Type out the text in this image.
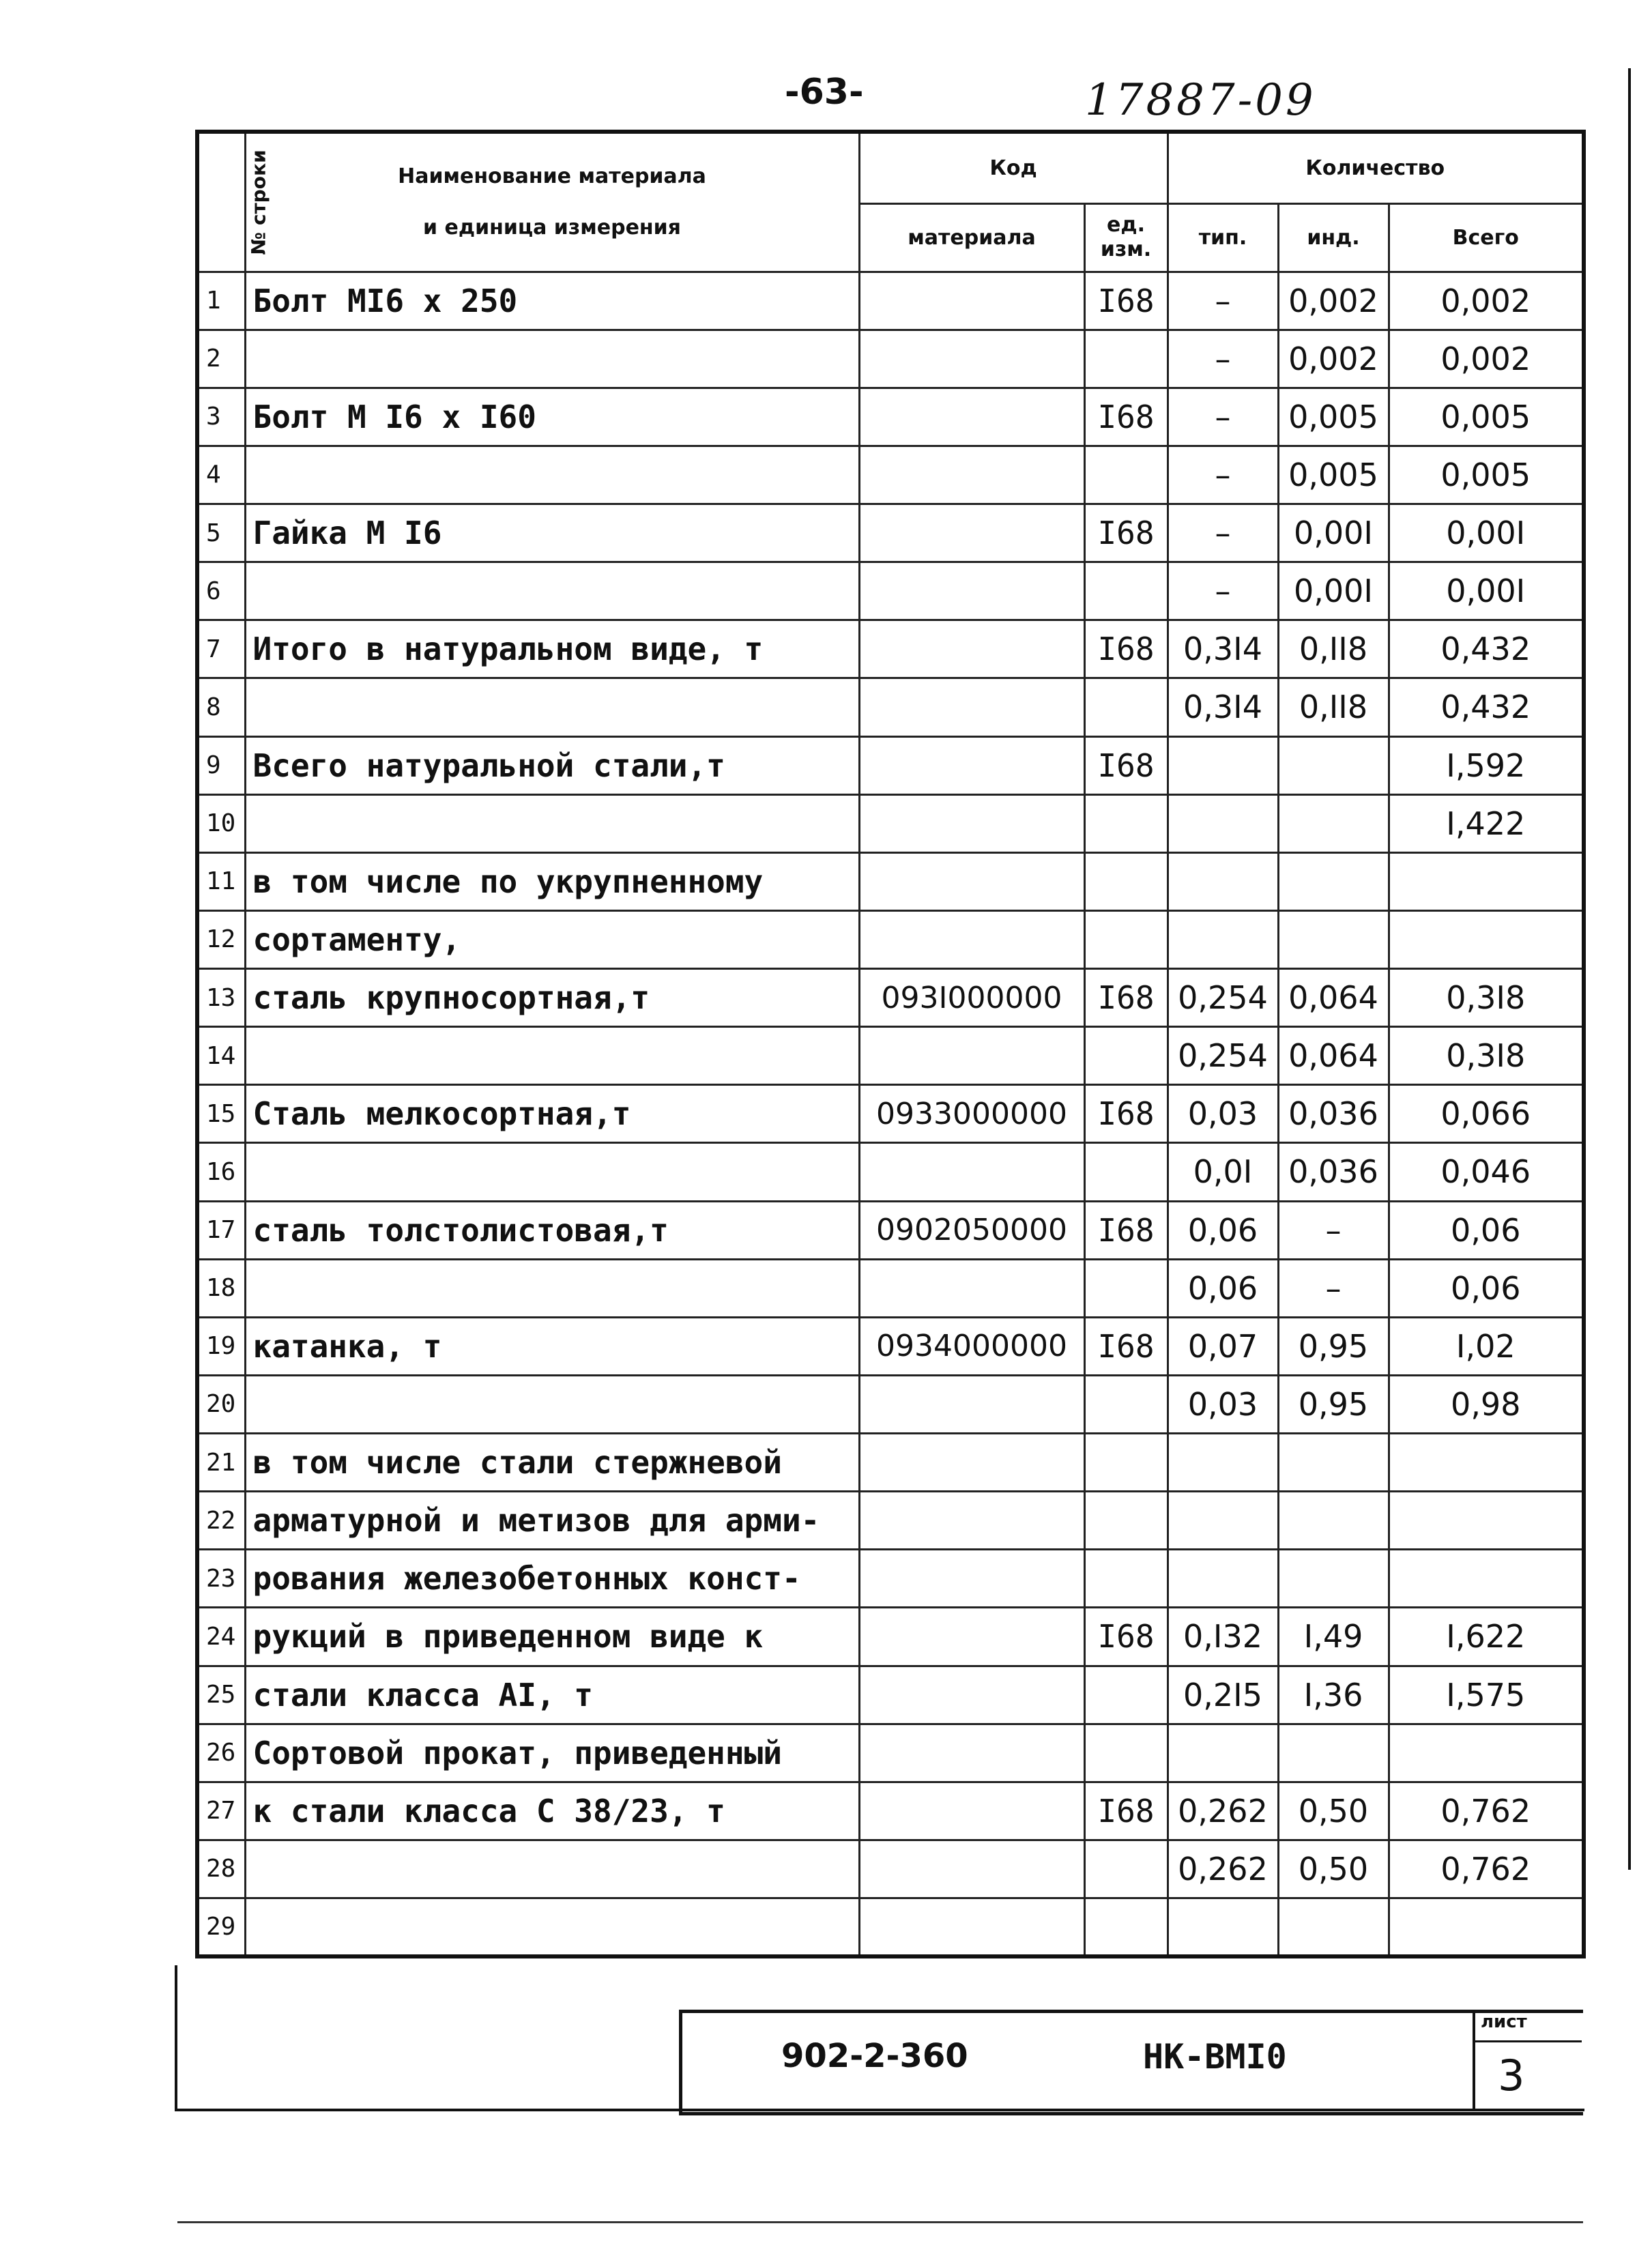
-63-	17887-09
№ строки	Наименование материала
и единица измерения	Код		Количество		
		материала	ед. изм.	тип.	инд.	Всего
1	Болт МI6 х 250		I68	–	0,002	0,002
2				–	0,002	0,002
3	Болт М I6 х I60		I68	–	0,005	0,005
4				–	0,005	0,005
5	Гайка М I6		I68	–	0,00I	0,00I
6				–	0,00I	0,00I
7	Итого в натуральном виде, т		I68	0,3I4	0,II8	0,432
8				0,3I4	0,II8	0,432
9	Всего натуральной стали,т		I68			I,592
10						I,422
11	в том числе по укрупненному					
12	сортаменту,					
13	сталь крупносортная,т	093I000000	I68	0,254	0,064	0,3I8
14				0,254	0,064	0,3I8
15	Сталь мелкосортная,т	0933000000	I68	0,03	0,036	0,066
16				0,0I	0,036	0,046
17	сталь толстолистовая,т	0902050000	I68	0,06	–	0,06
18				0,06	–	0,06
19	катанка, т	0934000000	I68	0,07	0,95	I,02
20				0,03	0,95	0,98
21	в том числе стали стержневой					
22	арматурной и метизов для арми-					
23	рования железобетонных конст-					
24	рукций в приведенном виде к		I68	0,I32	I,49	I,622
25	стали класса АI, т			0,2I5	I,36	I,575
26	Сортовой прокат, приведенный					
27	к стали класса С 38/23, т		I68	0,262	0,50	0,762
28				0,262	0,50	0,762
29						
902-2-360	НК-ВМI0
лист
3
